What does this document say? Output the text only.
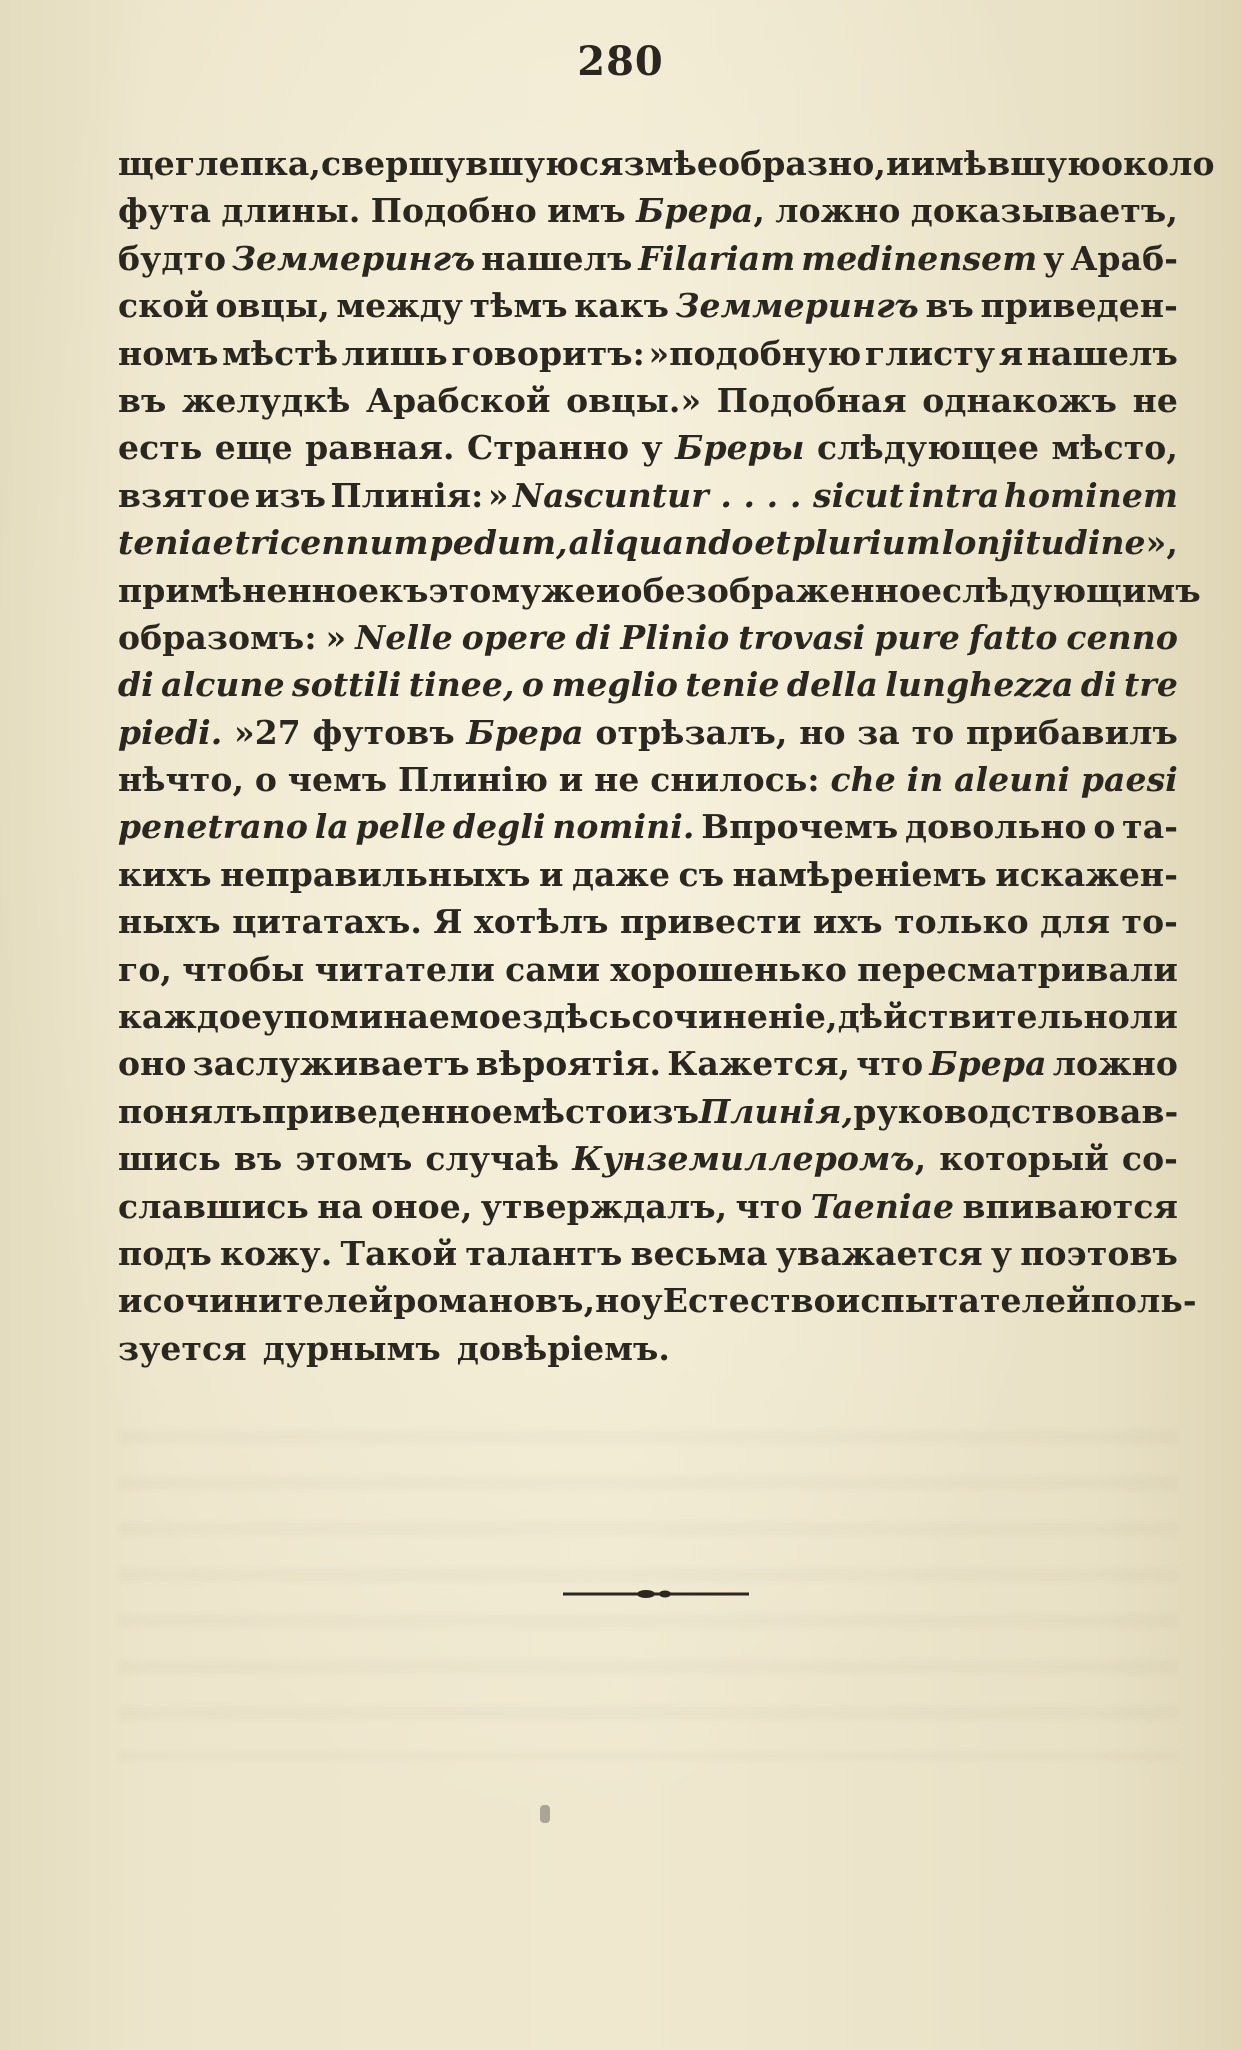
280
щеглепка, свершувшуюся змѣеобразно, и имѣвшую около
фута длины. Подобно имъ Брера, ложно доказываетъ,
будто Земмерингъ нашелъ Filariam medinensem у Араб-
ской овцы, между тѣмъ какъ Земмерингъ въ приведен-
номъ мѣстѣ лишь говоритъ: »подобную глисту я нашелъ
въ желудкѣ Арабской овцы.» Подобная однакожъ не
есть еще равная. Странно у Бреры слѣдующее мѣсто,
взятое изъ Плинія: » Nascuntur . . . . sicut intra hominem
teniae tricennum pedum, aliquando et plurium lonjitudine»,
примѣненное къ этому же и обезображенное слѣдующимъ
образомъ: » Nelle opere di Plinio trovasi pure fatto cenno
di alcune sottili tinee, o meglio tenie della lunghezza di tre
piedi. »27 футовъ Брера отрѣзалъ, но за то прибавилъ
нѣчто, о чемъ Плинію и не снилось: che in aleuni paesi
penetrano la pelle degli nomini. Впрочемъ довольно о та-
кихъ неправильныхъ и даже съ намѣреніемъ искажен-
ныхъ цитатахъ. Я хотѣлъ привести ихъ только для то-
го, чтобы читатели сами хорошенько пересматривали
каждое упоминаемое здѣсь сочиненіе, дѣйствительно ли
оно заслуживаетъ вѣроятія. Кажется, что Брера ложно
понялъ приведенное мѣсто изъ Плинія, руководствовав-
шись въ этомъ случаѣ Кунземиллеромъ, который со-
славшись на оное, утверждалъ, что Taeniae впиваются
подъ кожу. Такой талантъ весьма уважается у поэтовъ
и сочинителей романовъ, но у Естествоиспытателей поль-
зуется дурнымъ довѣріемъ.
